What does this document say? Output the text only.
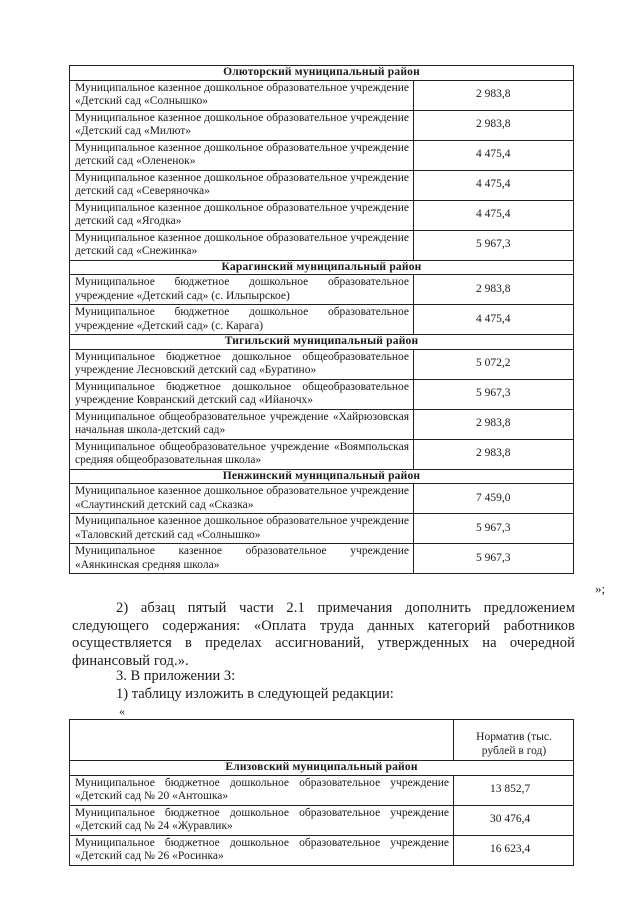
Олюторский муниципальный район	
Муниципальное казенное дошкольное образовательное учреждение «Детский сад «Солнышко»	2 983,8
Муниципальное казенное дошкольное образовательное учреждение «Детский сад «Милют»	2 983,8
Муниципальное казенное дошкольное образовательное учреждение детский сад «Олененок»	4 475,4
Муниципальное казенное дошкольное образовательное учреждение детский сад «Северяночка»	4 475,4
Муниципальное казенное дошкольное образовательное учреждение детский сад «Ягодка»	4 475,4
Муниципальное казенное дошкольное образовательное учреждение детский сад «Снежинка»	5 967,3
Карагинский муниципальный район	
Муниципальное бюджетное дошкольное образовательное учреждение «Детский сад» (с. Ильпырское)	2 983,8
Муниципальное бюджетное дошкольное образовательное учреждение «Детский сад» (с. Карага)	4 475,4
Тигильский муниципальный район	
Муниципальное бюджетное дошкольное общеобразовательное учреждение Лесновский детский сад «Буратино»	5 072,2
Муниципальное бюджетное дошкольное общеобразовательное учреждение Ковранский детский сад «Ийаночх»	5 967,3
Муниципальное общеобразовательное учреждение «Хайрюзовская начальная школа-детский сад»	2 983,8
Муниципальное общеобразовательное учреждение «Воямпольская средняя общеобразовательная школа»	2 983,8
Пенжинский муниципальный район	
Муниципальное казенное дошкольное образовательное учреждение «Слаутинский детский сад «Сказка»	7 459,0
Муниципальное казенное дошкольное образовательное учреждение «Таловский детский сад «Солнышко»	5 967,3
Муниципальное казенное образовательное учреждение «Аянкинская средняя школа»	5 967,3
»;
2) абзац пятый части 2.1 примечания дополнить предложением следующего содержания: «Оплата труда данных категорий работников осуществляется в пределах ассигнований, утвержденных на очередной финансовый год.».
3. В приложении 3:
1) таблицу изложить в следующей редакции:
«
	Норматив (тыс. рублей в год)
Елизовский муниципальный район	
Муниципальное бюджетное дошкольное образовательное учреждение «Детский сад № 20 «Антошка»	13 852,7
Муниципальное бюджетное дошкольное образовательное учреждение «Детский сад № 24 «Журавлик»	30 476,4
Муниципальное бюджетное дошкольное образовательное учреждение «Детский сад № 26 «Росинка»	16 623,4
